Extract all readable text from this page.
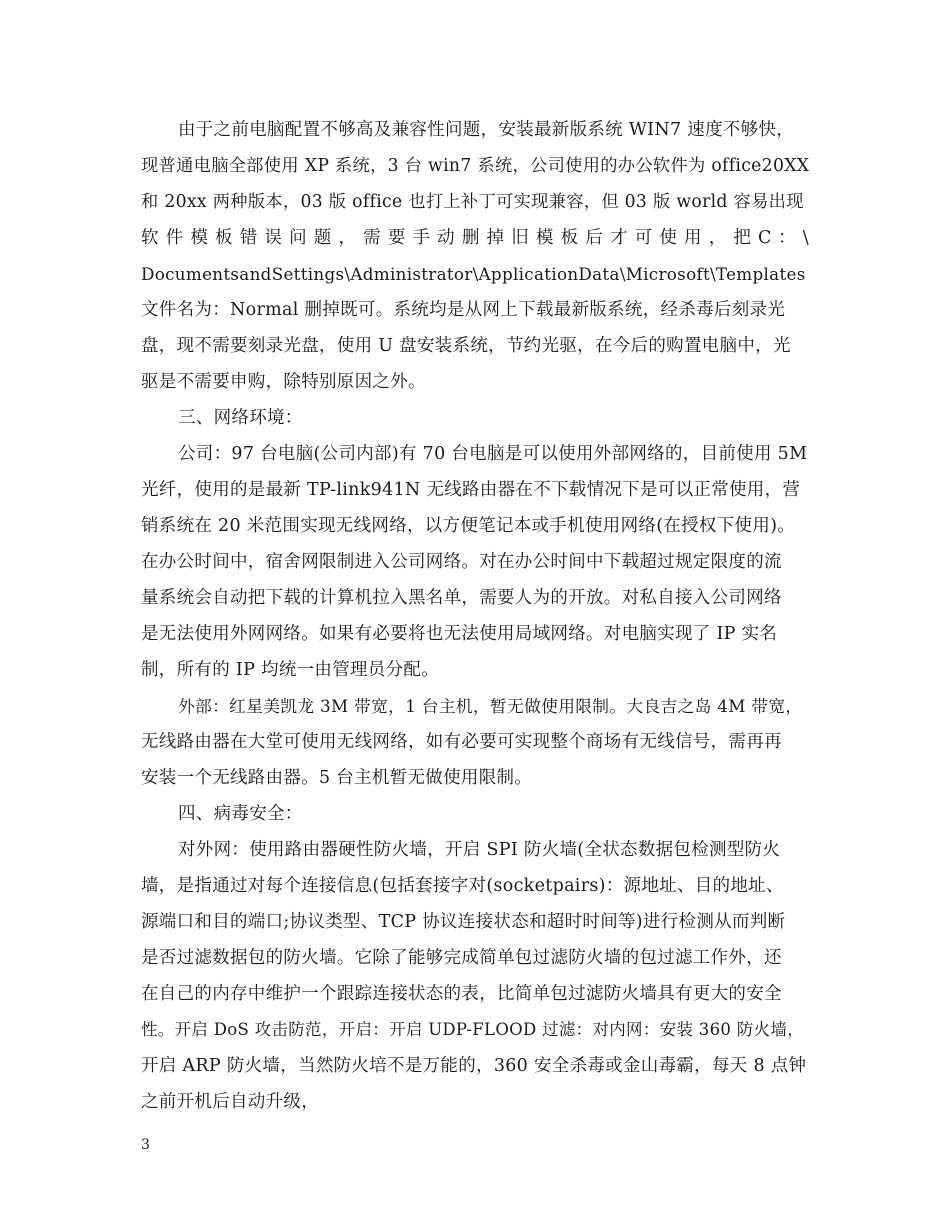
由于之前电脑配置不够高及兼容性问题，安装最新版系统 WIN7 速度不够快，
现普通电脑全部使用 XP 系统，3 台 win7 系统，公司使用的办公软件为 office20XX
和 20xx 两种版本，03 版 office 也打上补丁可实现兼容，但 03 版 world 容易出现
软 件 模 板 错 误 问 题 ， 需 要 手 动 删 掉 旧 模 板 后 才 可 使 用 ， 把 C ： \
DocumentsandSettings\Administrator\ApplicationData\Microsoft\Templates
文件名为：Normal 删掉既可。系统均是从网上下载最新版系统，经杀毒后刻录光
盘，现不需要刻录光盘，使用 U 盘安装系统，节约光驱，在今后的购置电脑中，光
驱是不需要申购，除特别原因之外。
三、网络环境：
公司：97 台电脑(公司内部)有 70 台电脑是可以使用外部网络的，目前使用 5M
光纤，使用的是最新 TP-link941N 无线路由器在不下载情况下是可以正常使用，营
销系统在 20 米范围实现无线网络，以方便笔记本或手机使用网络(在授权下使用)。
在办公时间中，宿舍网限制进入公司网络。对在办公时间中下载超过规定限度的流
量系统会自动把下载的计算机拉入黑名单，需要人为的开放。对私自接入公司网络
是无法使用外网网络。如果有必要将也无法使用局域网络。对电脑实现了 IP 实名
制，所有的 IP 均统一由管理员分配。
外部：红星美凯龙 3M 带宽，1 台主机，暂无做使用限制。大良吉之岛 4M 带宽，
无线路由器在大堂可使用无线网络，如有必要可实现整个商场有无线信号，需再再
安装一个无线路由器。5 台主机暂无做使用限制。
四、病毒安全：
对外网：使用路由器硬性防火墙，开启 SPI 防火墙(全状态数据包检测型防火
墙，是指通过对每个连接信息(包括套接字对(socketpairs)：源地址、目的地址、
源端口和目的端口;协议类型、TCP 协议连接状态和超时时间等)进行检测从而判断
是否过滤数据包的防火墙。它除了能够完成简单包过滤防火墙的包过滤工作外，还
在自己的内存中维护一个跟踪连接状态的表，比简单包过滤防火墙具有更大的安全
性。开启 DoS 攻击防范，开启：开启 UDP-FLOOD 过滤：对内网：安装 360 防火墙，
开启 ARP 防火墙，当然防火培不是万能的，360 安全杀毒或金山毒霸，每天 8 点钟
之前开机后自动升级，
3
